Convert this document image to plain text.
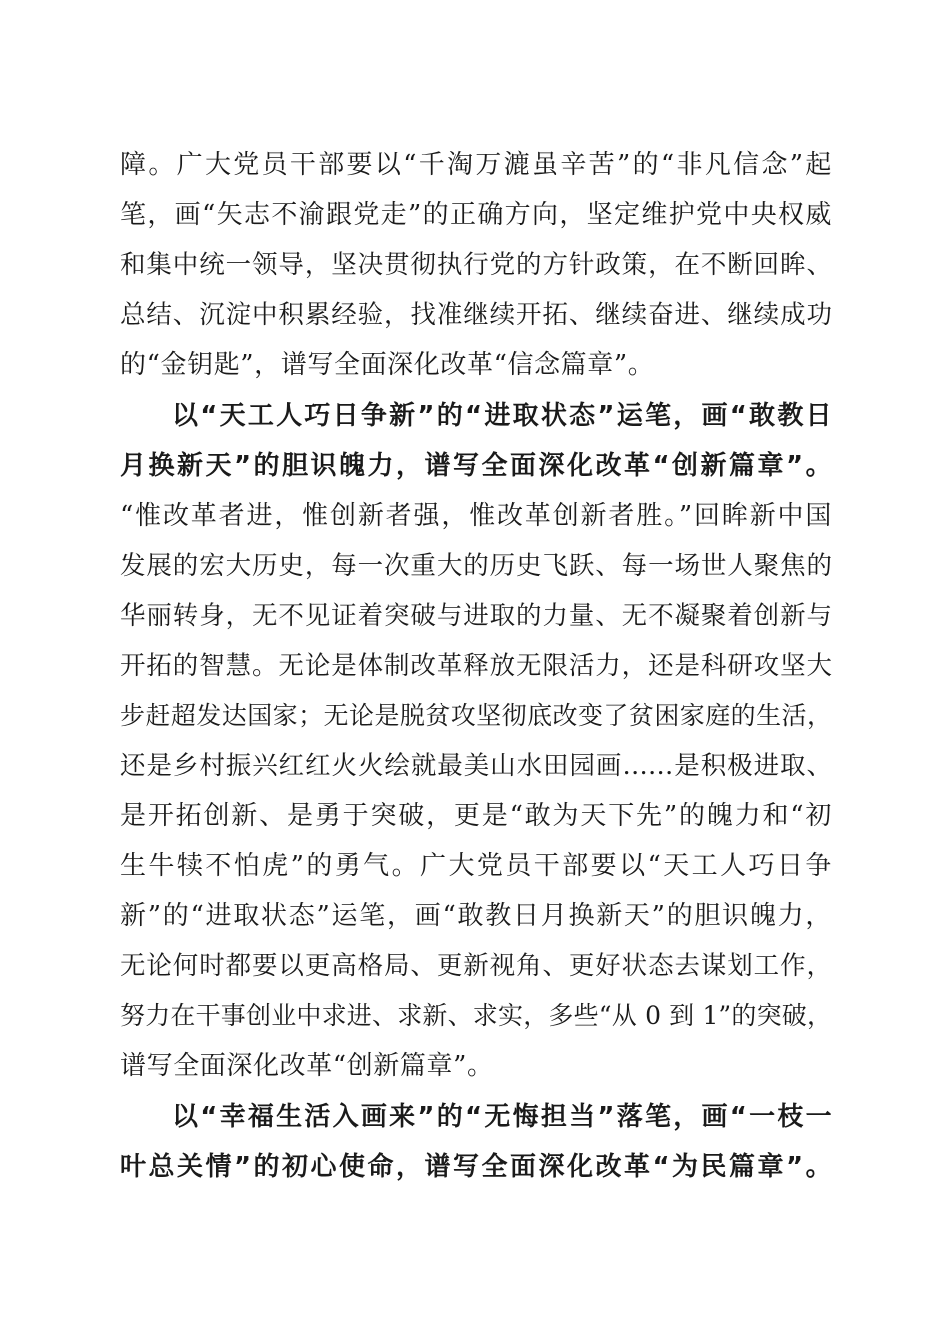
障。广大党员干部要以“千淘万漉虽辛苦”的“非凡信念”起
笔，画“矢志不渝跟党走”的正确方向，坚定维护党中央权威
和集中统一领导，坚决贯彻执行党的方针政策，在不断回眸、
总结、沉淀中积累经验，找准继续开拓、继续奋进、继续成功
的“金钥匙”，谱写全面深化改革“信念篇章”。
以“天工人巧日争新”的“进取状态”运笔，画“敢教日
月换新天”的胆识魄力，谱写全面深化改革“创新篇章”。
“惟改革者进，惟创新者强，惟改革创新者胜。”回眸新中国
发展的宏大历史，每一次重大的历史飞跃、每一场世人聚焦的
华丽转身，无不见证着突破与进取的力量、无不凝聚着创新与
开拓的智慧。无论是体制改革释放无限活力，还是科研攻坚大
步赶超发达国家；无论是脱贫攻坚彻底改变了贫困家庭的生活，
还是乡村振兴红红火火绘就最美山水田园画……是积极进取、
是开拓创新、是勇于突破，更是“敢为天下先”的魄力和“初
生牛犊不怕虎”的勇气。广大党员干部要以“天工人巧日争
新”的“进取状态”运笔，画“敢教日月换新天”的胆识魄力，
无论何时都要以更高格局、更新视角、更好状态去谋划工作，
努力在干事创业中求进、求新、求实，多些“从 0 到 1”的突破，
谱写全面深化改革“创新篇章”。
以“幸福生活入画来”的“无悔担当”落笔，画“一枝一
叶总关情”的初心使命，谱写全面深化改革“为民篇章”。
